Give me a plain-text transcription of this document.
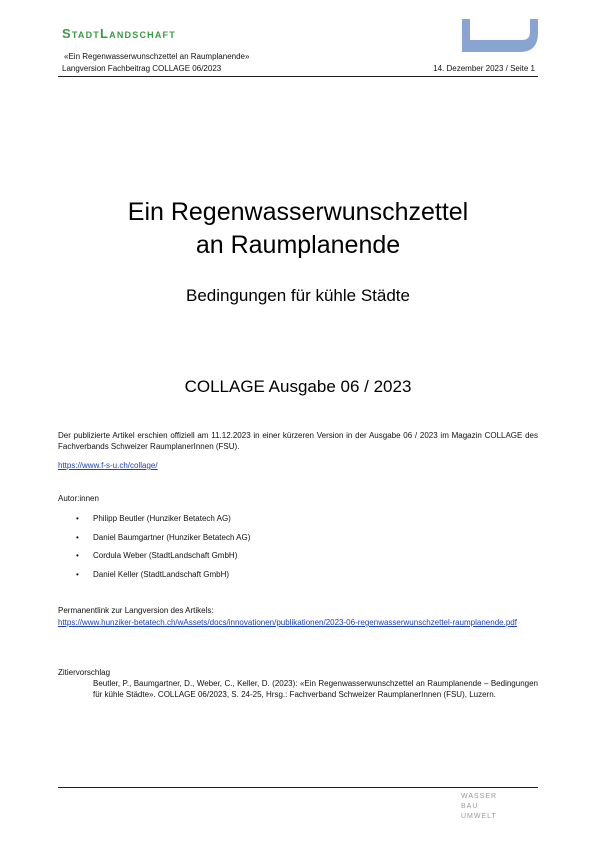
StadtLandschaft
«Ein Regenwasserwunschzettel an Raumplanende»
Langversion Fachbeitrag COLLAGE 06/2023	14. Dezember 2023 / Seite 1
Ein Regenwasserwunschzettel
an Raumplanende
Bedingungen für kühle Städte
COLLAGE Ausgabe 06 / 2023
Der publizierte Artikel erschien offiziell am 11.12.2023 in einer kürzeren Version in der Ausgabe 06 / 2023 im Magazin COLLAGE des Fachverbands Schweizer RaumplanerInnen (FSU).
https://www.f-s-u.ch/collage/
Autor:innen
• Philipp Beutler (Hunziker Betatech AG)
• Daniel Baumgartner (Hunziker Betatech AG)
• Cordula Weber (StadtLandschaft GmbH)
• Daniel Keller (StadtLandschaft GmbH)
Permanentlink zur Langversion des Artikels:
https://www.hunziker-betatech.ch/wAssets/docs/innovationen/publikationen/2023-06-regenwasserwunschzettel-raumplanende.pdf
Zitiervorschlag
Beutler, P., Baumgartner, D., Weber, C., Keller, D. (2023): «Ein Regenwasserwunschzettel an Raumplanende – Bedingungen für kühle Städte». COLLAGE 06/2023, S. 24-25, Hrsg.: Fachverband Schweizer RaumplanerInnen (FSU), Luzern.
WASSER
BAU
UMWELT
